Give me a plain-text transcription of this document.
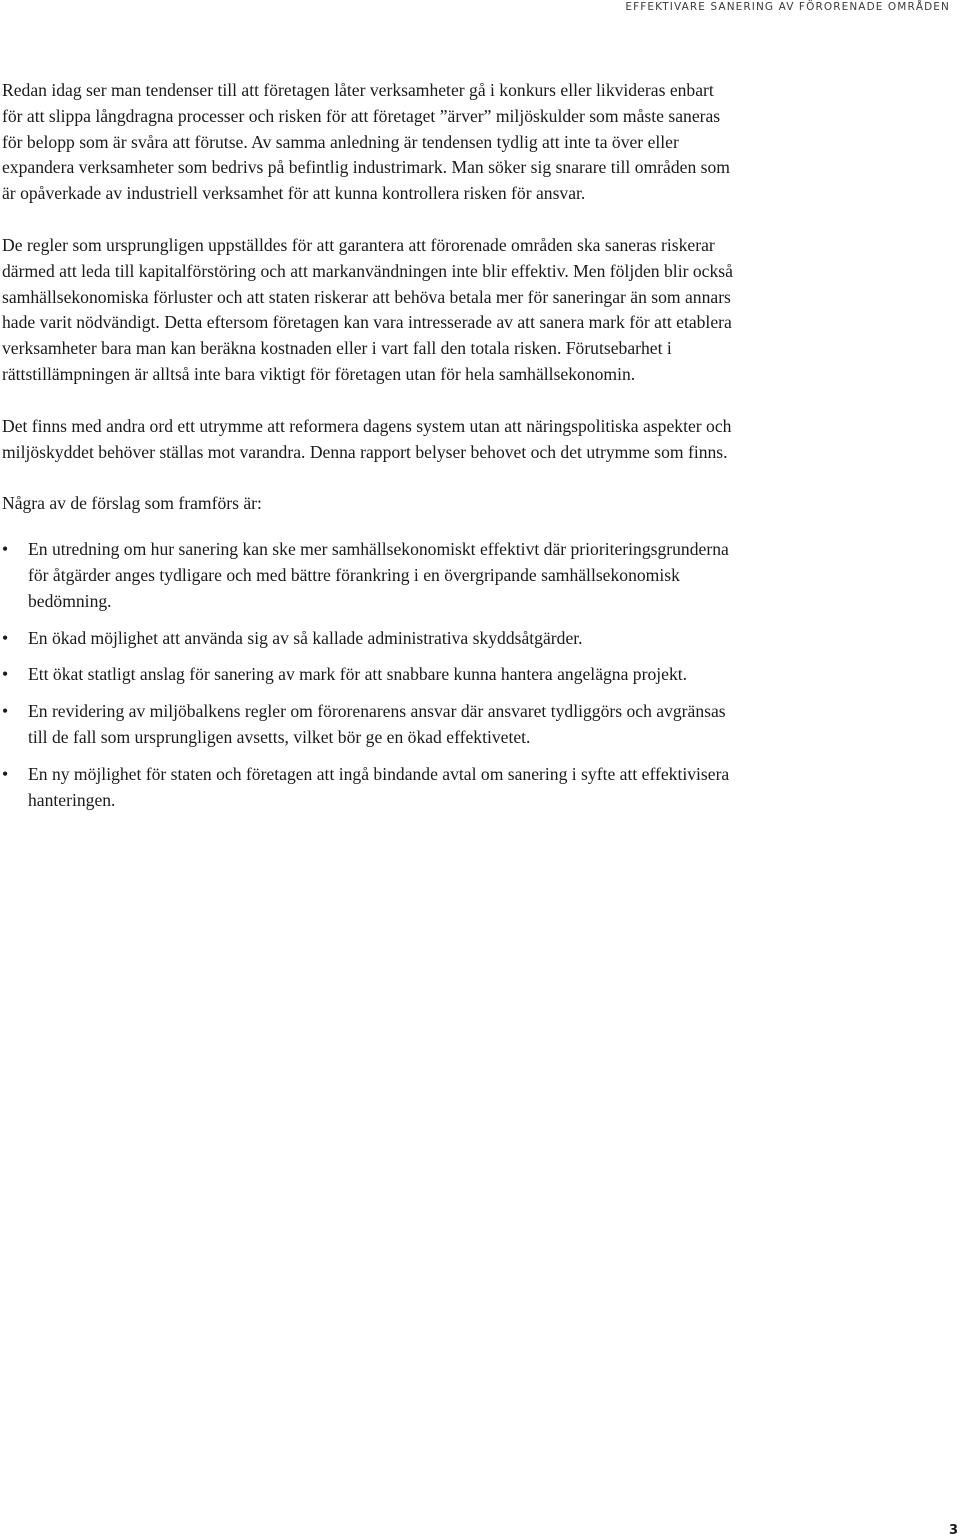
EFFEKTIVARE SANERING AV FÖRORENADE OMRÅDEN

Redan idag ser man tendenser till att företagen låter verksamheter gå i konkurs eller likvideras enbart för att slippa långdragna processer och risken för att företaget ”ärver” miljöskulder som måste saneras för belopp som är svåra att förutse. Av samma anledning är tendensen tydlig att inte ta över eller expandera verksamheter som bedrivs på befintlig industrimark. Man söker sig snarare till områden som är opåverkade av industriell verksamhet för att kunna kontrollera risken för ansvar.

De regler som ursprungligen uppställdes för att garantera att förorenade områden ska saneras riskerar därmed att leda till kapitalförstöring och att markanvändningen inte blir effektiv. Men följden blir också samhällsekonomiska förluster och att staten riskerar att behöva betala mer för saneringar än som annars hade varit nödvändigt. Detta eftersom företagen kan vara intresserade av att sanera mark för att etablera verksamheter bara man kan beräkna kostnaden eller i vart fall den totala risken. Förutsebarhet i rättstillämpningen är alltså inte bara viktigt för företagen utan för hela samhällsekonomin.

Det finns med andra ord ett utrymme att reformera dagens system utan att näringspolitiska aspekter och miljöskyddet behöver ställas mot varandra. Denna rapport belyser behovet och det utrymme som finns.

Några av de förslag som framförs är:

• En utredning om hur sanering kan ske mer samhällsekonomiskt effektivt där prioriteringsgrunderna för åtgärder anges tydligare och med bättre förankring i en övergripande samhällsekonomisk bedömning.
• En ökad möjlighet att använda sig av så kallade administrativa skyddsåtgärder.
• Ett ökat statligt anslag för sanering av mark för att snabbare kunna hantera angelägna projekt.
• En revidering av miljöbalkens regler om förorenarens ansvar där ansvaret tydliggörs och avgränsas till de fall som ursprungligen avsetts, vilket bör ge en ökad effektivetet.
• En ny möjlighet för staten och företagen att ingå bindande avtal om sanering i syfte att effektivisera hanteringen.
3
